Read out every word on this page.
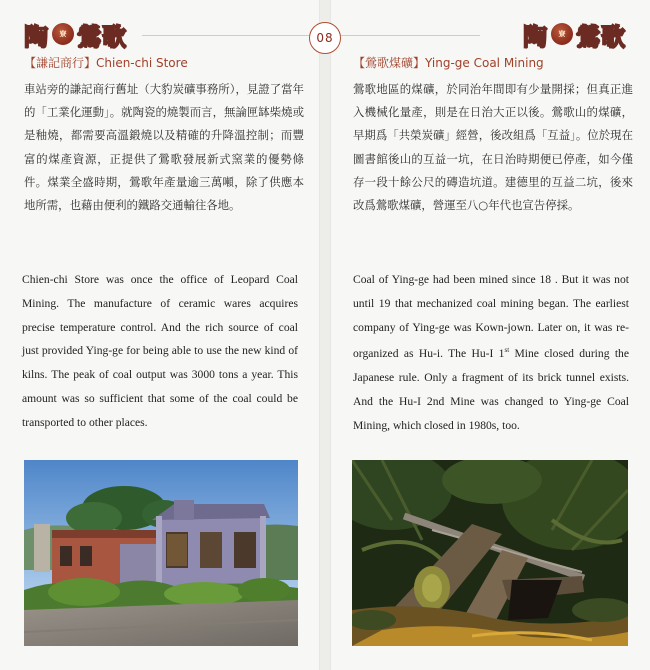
陶 寮 鶯歌
【謙記商行】Chien-chi Store

車站旁的謙記商行舊址（大豹炭礦事務所），見證了當年的「工業化運動」。就陶瓷的燒製而言，無論匣缽柴燒或是釉燒，都需要高溫鍛燒以及精確的升降溫控制；而豐富的煤產資源，正提供了鶯歌發展新式窯業的優勢條件。煤業全盛時期，鶯歌年產量逾三萬噸，除了供應本地所需，也藉由便利的鐵路交通輸往各地。

Chien-chi Store was once the office of Leopard Coal Mining. The manufacture of ceramic wares acquires precise temperature control. And the rich source of coal just provided Ying-ge for being able to use the new kind of kilns. The peak of coal output was 3000 tons a year. This amount was so sufficient that some of the coal could be transported to other places.

08	陶 寮 鶯歌
【鶯歌煤礦】Ying-ge Coal Mining

鶯歌地區的煤礦，於同治年間即有少量開採；但真正進入機械化量產，則是在日治大正以後。鶯歌山的煤礦，早期爲「共榮炭礦」經營，後改組爲「互益」。位於現在圖書館後山的互益一坑，在日治時期便已停產，如今僅存一段十餘公尺的磚造坑道。建德里的互益二坑，後來改爲鶯歌煤礦，營運至八○年代也宣告停採。

Coal of Ying-ge had been mined since 18 . But it was not until 19 that mechanized coal mining began. The earliest company of Ying-ge was Kown-jown. Later on, it was re-organized as Hu-i. The Hu-I 1st Mine closed during the Japanese rule. Only a fragment of its brick tunnel exists. And the Hu-I 2nd Mine was changed to Ying-ge Coal Mining, which closed in 1980s, too.
